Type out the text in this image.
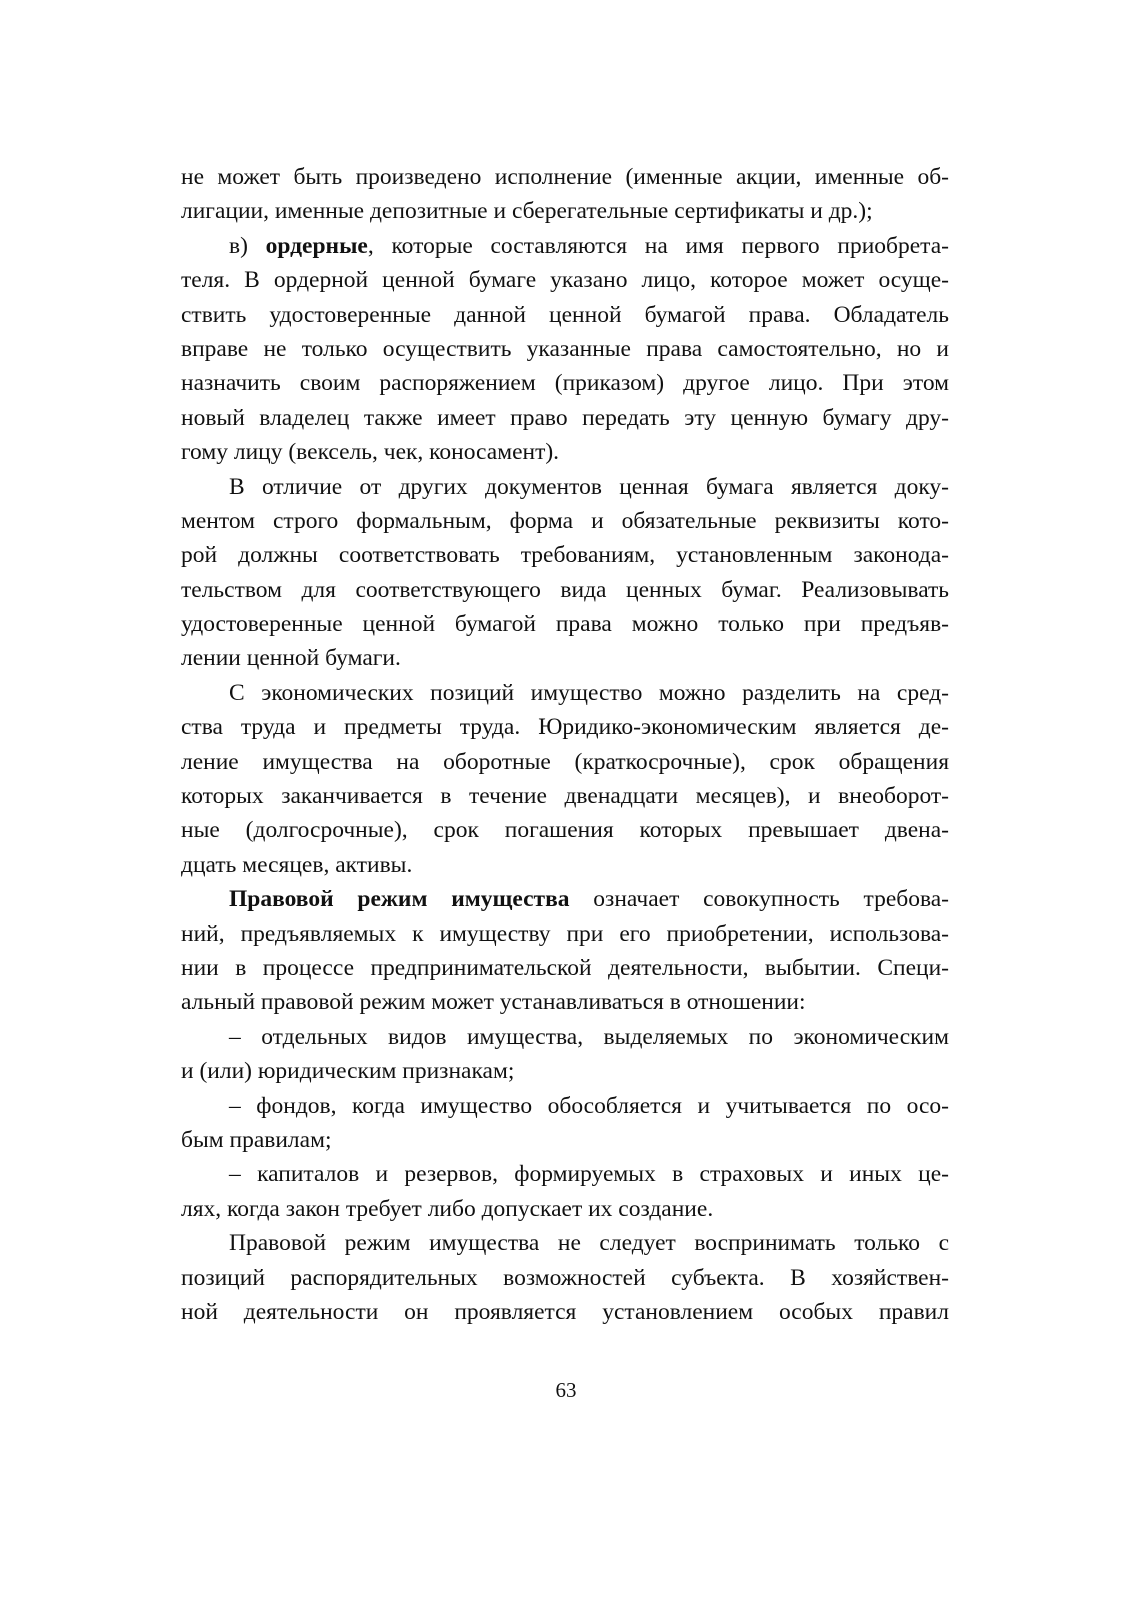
не может быть произведено исполнение (именные акции, именные об-
лигации, именные депозитные и сберегательные сертификаты и др.);
в) ордерные, которые составляются на имя первого приобрета-
теля. В ордерной ценной бумаге указано лицо, которое может осуще-
ствить удостоверенные данной ценной бумагой права. Обладатель
вправе не только осуществить указанные права самостоятельно, но и
назначить своим распоряжением (приказом) другое лицо. При этом
новый владелец также имеет право передать эту ценную бумагу дру-
гому лицу (вексель, чек, коносамент).
В отличие от других документов ценная бумага является доку-
ментом строго формальным, форма и обязательные реквизиты кото-
рой должны соответствовать требованиям, установленным законода-
тельством для соответствующего вида ценных бумаг. Реализовывать
удостоверенные ценной бумагой права можно только при предъяв-
лении ценной бумаги.
С экономических позиций имущество можно разделить на сред-
ства труда и предметы труда. Юридико-экономическим является де-
ление имущества на оборотные (краткосрочные), срок обращения
которых заканчивается в течение двенадцати месяцев), и внеоборот-
ные (долгосрочные), срок погашения которых превышает двена-
дцать месяцев, активы.
Правовой режим имущества означает совокупность требова-
ний, предъявляемых к имуществу при его приобретении, использова-
нии в процессе предпринимательской деятельности, выбытии. Специ-
альный правовой режим может устанавливаться в отношении:
– отдельных видов имущества, выделяемых по экономическим
и (или) юридическим признакам;
– фондов, когда имущество обособляется и учитывается по осо-
бым правилам;
– капиталов и резервов, формируемых в страховых и иных це-
лях, когда закон требует либо допускает их создание.
Правовой режим имущества не следует воспринимать только с
позиций распорядительных возможностей субъекта. В хозяйствен-
ной деятельности он проявляется установлением особых правил
63
